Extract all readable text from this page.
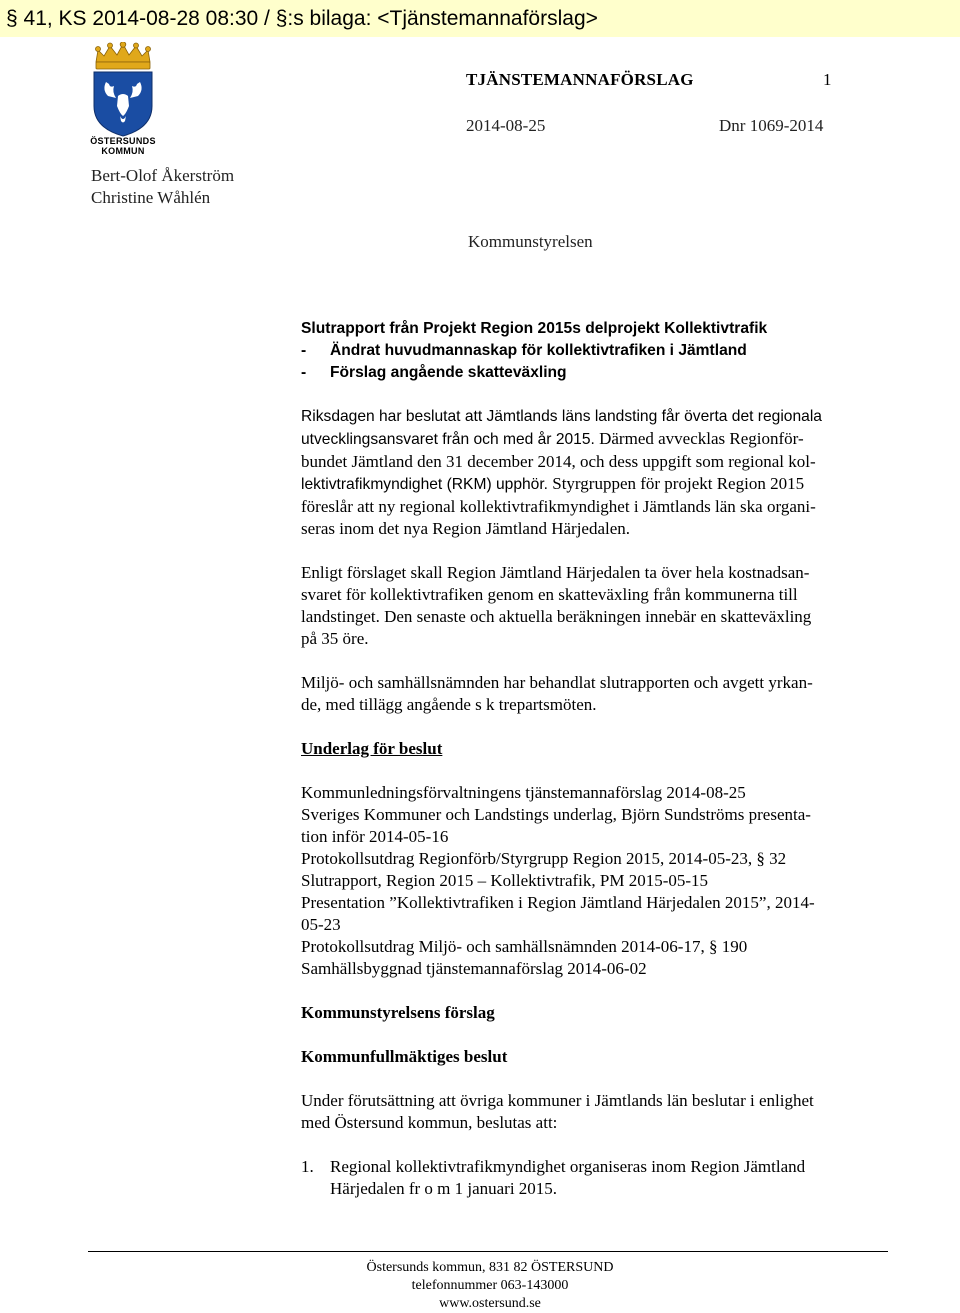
§ 41, KS 2014-08-28 08:30 / §:s bilaga: <Tjänstemannaförslag>
ÖSTERSUNDS
KOMMUN
TJÄNSTEMANNAFÖRSLAG	1
2014-08-25	Dnr 1069-2014
Bert-Olof Åkerström
Christine Wåhlén
Kommunstyrelsen
Slutrapport från Projekt Region 2015s delprojekt Kollektivtrafik
- Ändrat huvudmannaskap för kollektivtrafiken i Jämtland
- Förslag angående skatteväxling
Riksdagen har beslutat att Jämtlands läns landsting får överta det regionala
utvecklingsansvaret från och med år 2015. Därmed avvecklas Regionför-
bundet Jämtland den 31 december 2014, och dess uppgift som regional kol-
lektivtrafikmyndighet (RKM) upphör. Styrgruppen för projekt Region 2015
föreslår att ny regional kollektivtrafikmyndighet i Jämtlands län ska organi-
seras inom det nya Region Jämtland Härjedalen.
Enligt förslaget skall Region Jämtland Härjedalen ta över hela kostnadsan-
svaret för kollektivtrafiken genom en skatteväxling från kommunerna till
landstinget. Den senaste och aktuella beräkningen innebär en skatteväxling
på 35 öre.
Miljö- och samhällsnämnden har behandlat slutrapporten och avgett yrkan-
de, med tillägg angående s k trepartsmöten.
Underlag för beslut
Kommunledningsförvaltningens tjänstemannaförslag 2014-08-25
Sveriges Kommuner och Landstings underlag, Björn Sundströms presenta-
tion inför 2014-05-16
Protokollsutdrag Regionförb/Styrgrupp Region 2015, 2014-05-23, § 32
Slutrapport, Region 2015 – Kollektivtrafik, PM 2015-05-15
Presentation ”Kollektivtrafiken i Region Jämtland Härjedalen 2015”, 2014-
05-23
Protokollsutdrag Miljö- och samhällsnämnden 2014-06-17, § 190
Samhällsbyggnad tjänstemannaförslag 2014-06-02
Kommunstyrelsens förslag
Kommunfullmäktiges beslut
Under förutsättning att övriga kommuner i Jämtlands län beslutar i enlighet
med Östersund kommun, beslutas att:
1. Regional kollektivtrafikmyndighet organiseras inom Region Jämtland
Härjedalen fr o m 1 januari 2015.
Östersunds kommun, 831 82 ÖSTERSUND
telefonnummer 063-143000
www.ostersund.se
